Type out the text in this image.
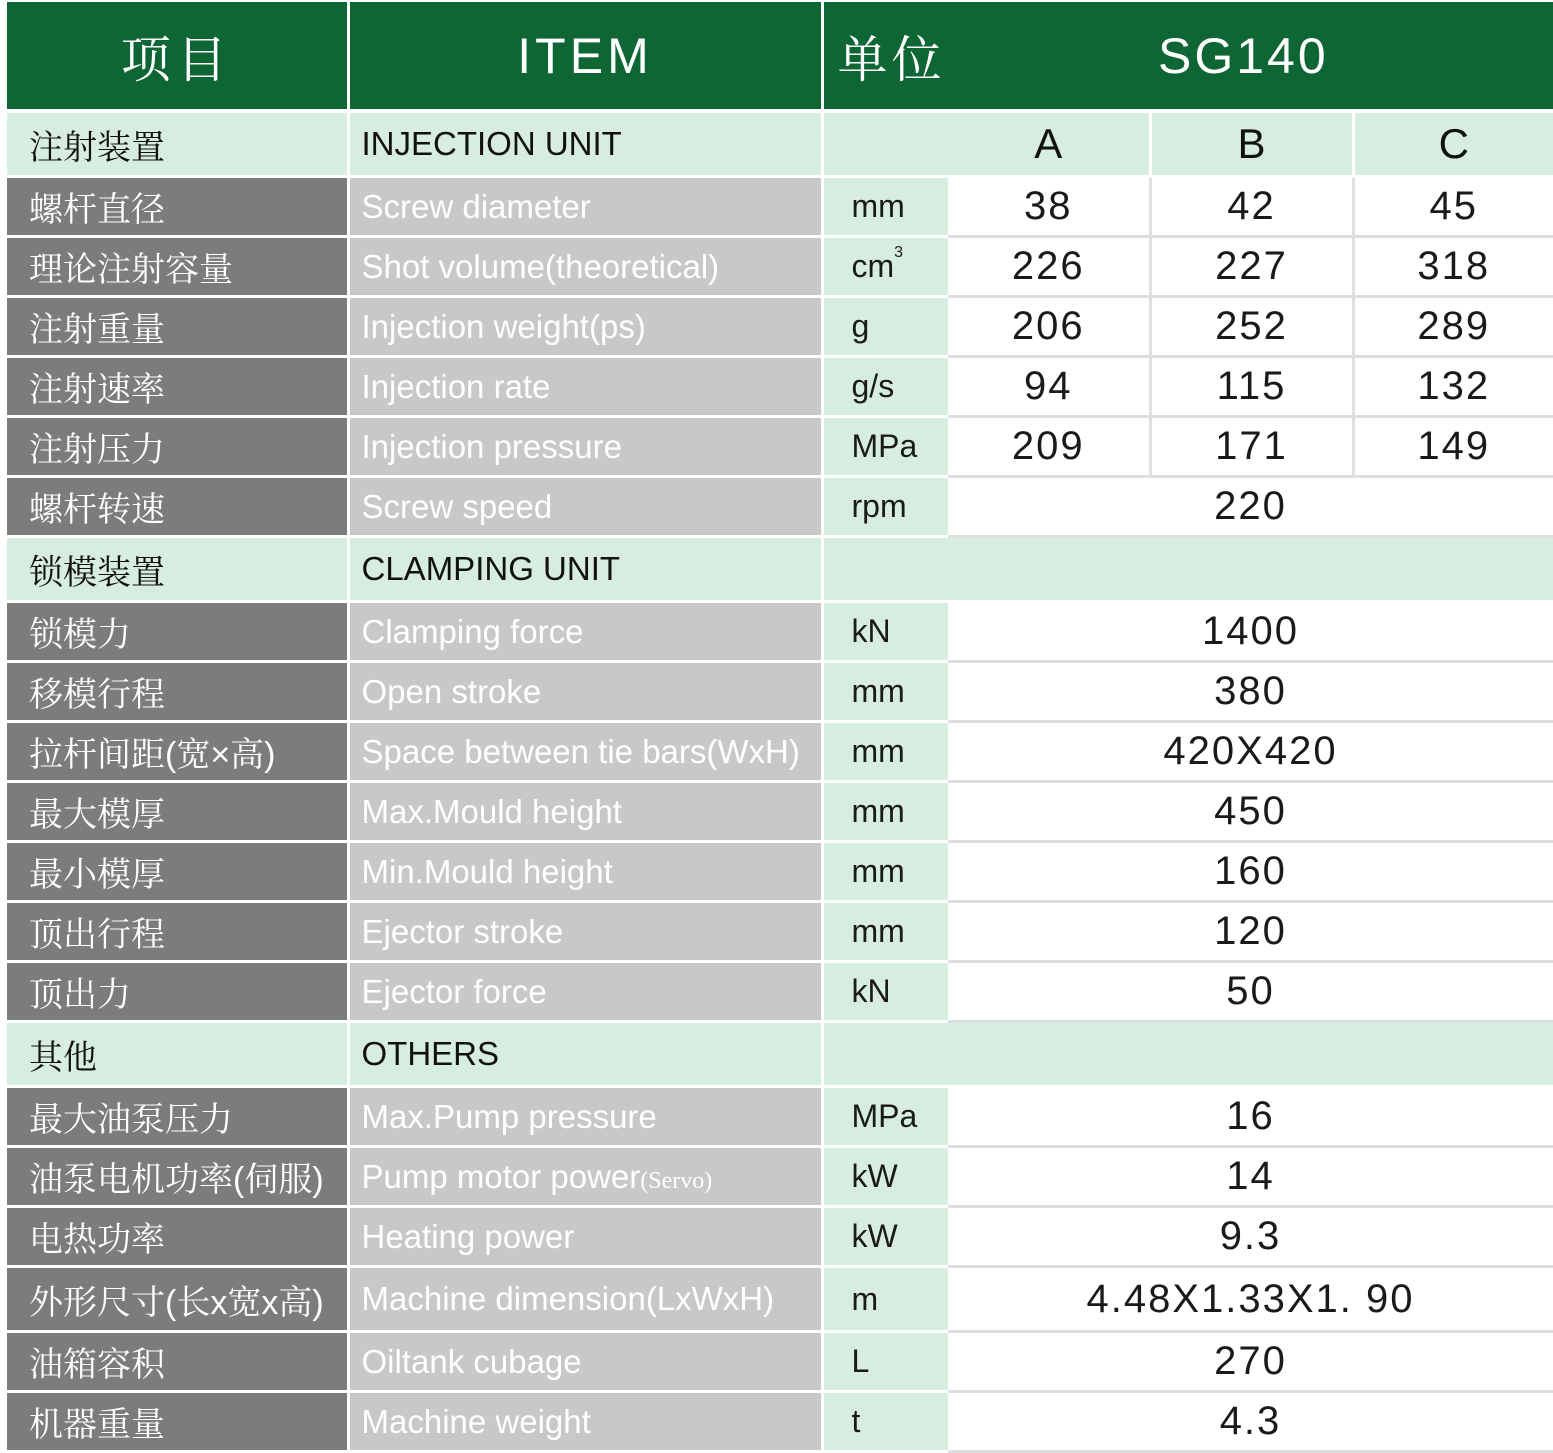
项目	ITEM	单位	SG140		
注射装置	INJECTION UNIT		A	B	C
螺杆直径	Screw diameter	mm	38	42	45
理论注射容量	Shot volume(theoretical)	$cm^3$	226	227	318
注射重量	Injection weight(ps)	g	206	252	289
注射速率	Injection rate	g/s	94	115	132
注射压力	Injection pressure	MPa	209	171	149
螺杆转速	Screw speed	rpm	220		
锁模装置	CLAMPING UNIT				
锁模力	Clamping force	kN	1400		
移模行程	Open stroke	mm	380		
拉杆间距(宽×高)	Space between tie bars(WxH)	mm	420X420		
最大模厚	Max.Mould height	mm	450		
最小模厚	Min.Mould height	mm	160		
顶出行程	Ejector stroke	mm	120		
顶出力	Ejector force	kN	50		
其他	OTHERS				
最大油泵压力	Max.Pump pressure	MPa	16		
油泵电机功率(伺服)	Pump motor power(Servo)	kW	14		
电热功率	Heating power	kW	9.3		
外形尺寸(长x宽x高)	Machine dimension(LxWxH)	m	4.48X1.33X1. 90		
油箱容积	Oiltank cubage	L	270		
机器重量	Machine weight	t	4.3		
